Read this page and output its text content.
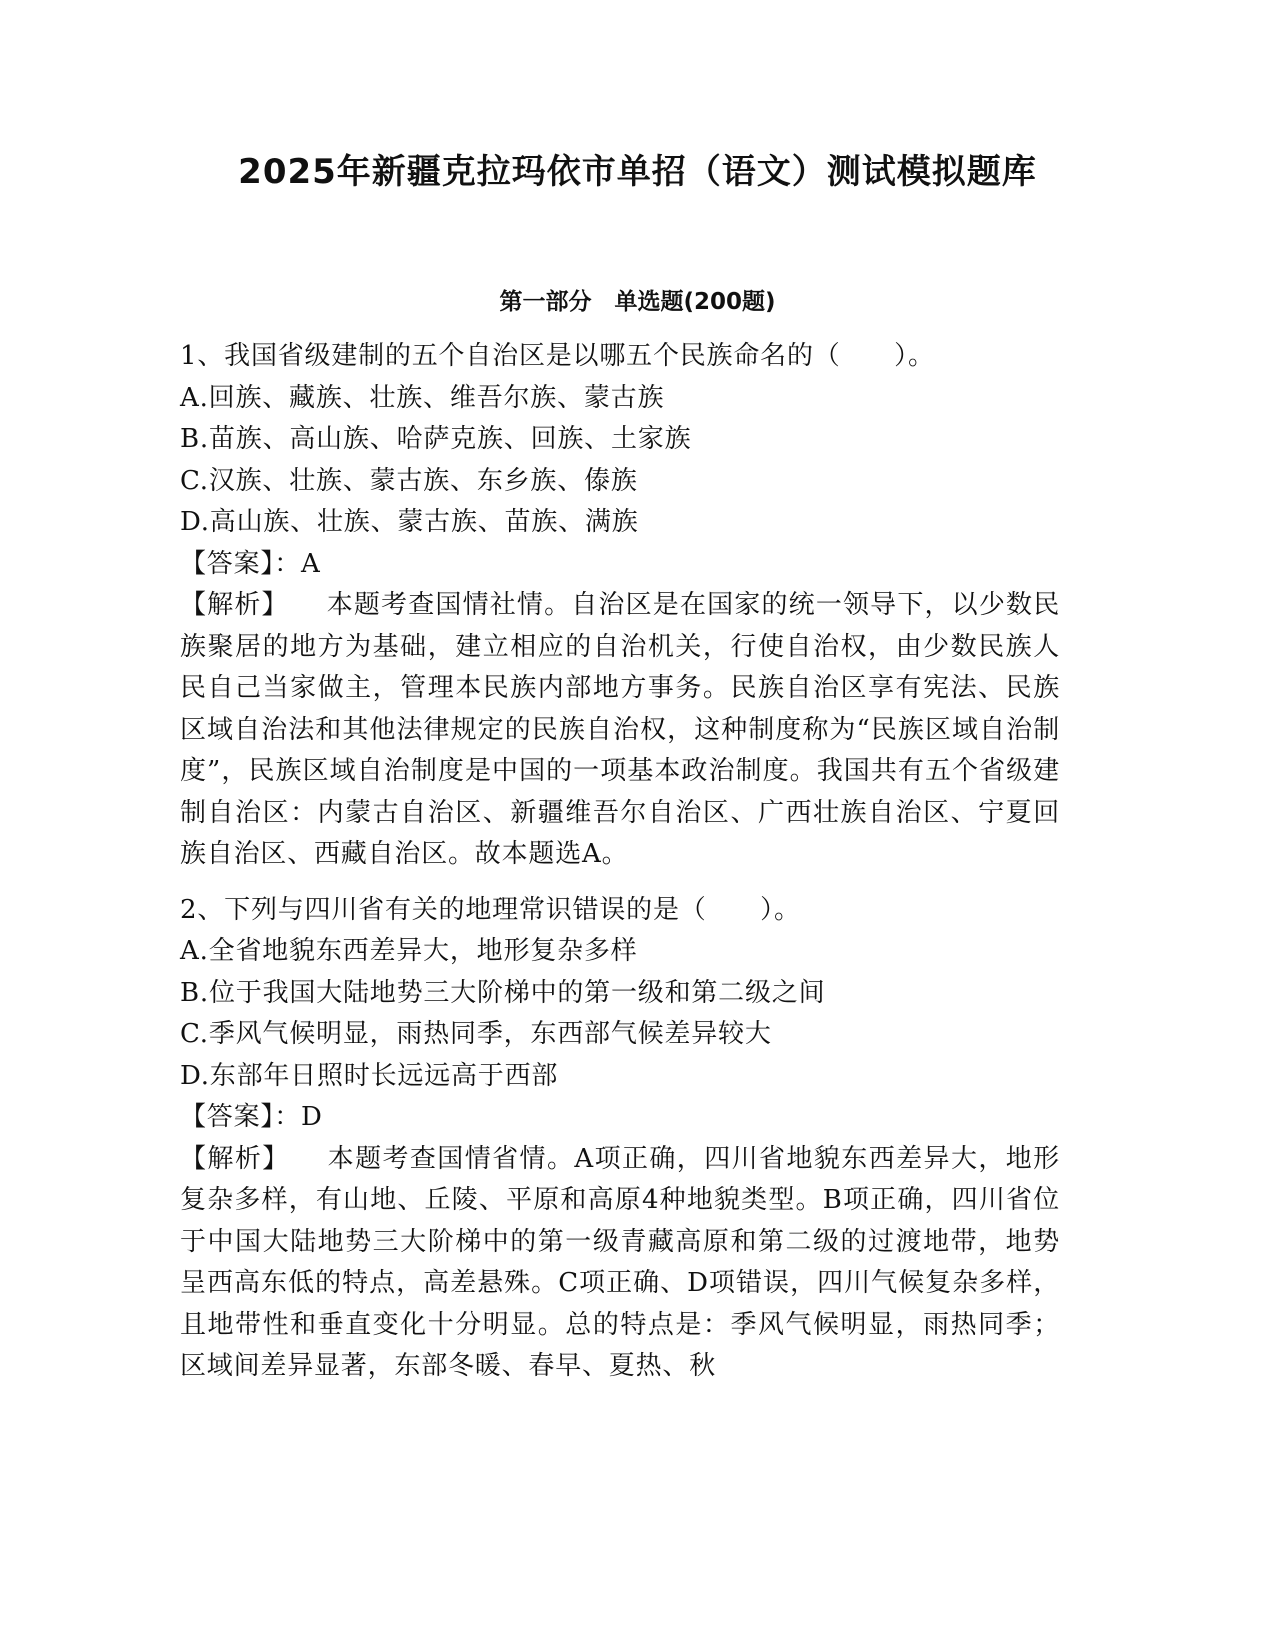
2025年新疆克拉玛依市单招（语文）测试模拟题库
第一部分　单选题(200题)

1、我国省级建制的五个自治区是以哪五个民族命名的（　　）。

A.回族、藏族、壮族、维吾尔族、蒙古族

B.苗族、高山族、哈萨克族、回族、土家族

C.汉族、壮族、蒙古族、东乡族、傣族

D.高山族、壮族、蒙古族、苗族、满族

【答案】：A

【解析】 本题考查国情社情。自治区是在国家的统一领导下，以少数民族聚居的地方为基础，建立相应的自治机关，行使自治权，由少数民族人民自己当家做主，管理本民族内部地方事务。民族自治区享有宪法、民族区域自治法和其他法律规定的民族自治权，这种制度称为“民族区域自治制度”，民族区域自治制度是中国的一项基本政治制度。我国共有五个省级建制自治区：内蒙古自治区、新疆维吾尔自治区、广西壮族自治区、宁夏回族自治区、西藏自治区。故本题选A。

2、下列与四川省有关的地理常识错误的是（　　）。

A.全省地貌东西差异大，地形复杂多样

B.位于我国大陆地势三大阶梯中的第一级和第二级之间

C.季风气候明显，雨热同季，东西部气候差异较大

D.东部年日照时长远远高于西部

【答案】：D

【解析】 本题考查国情省情。A项正确，四川省地貌东西差异大，地形复杂多样，有山地、丘陵、平原和高原4种地貌类型。B项正确，四川省位于中国大陆地势三大阶梯中的第一级青藏高原和第二级的过渡地带，地势呈西高东低的特点，高差悬殊。C项正确、D项错误，四川气候复杂多样，且地带性和垂直变化十分明显。总的特点是：季风气候明显，雨热同季；区域间差异显著，东部冬暖、春早、夏热、秋
